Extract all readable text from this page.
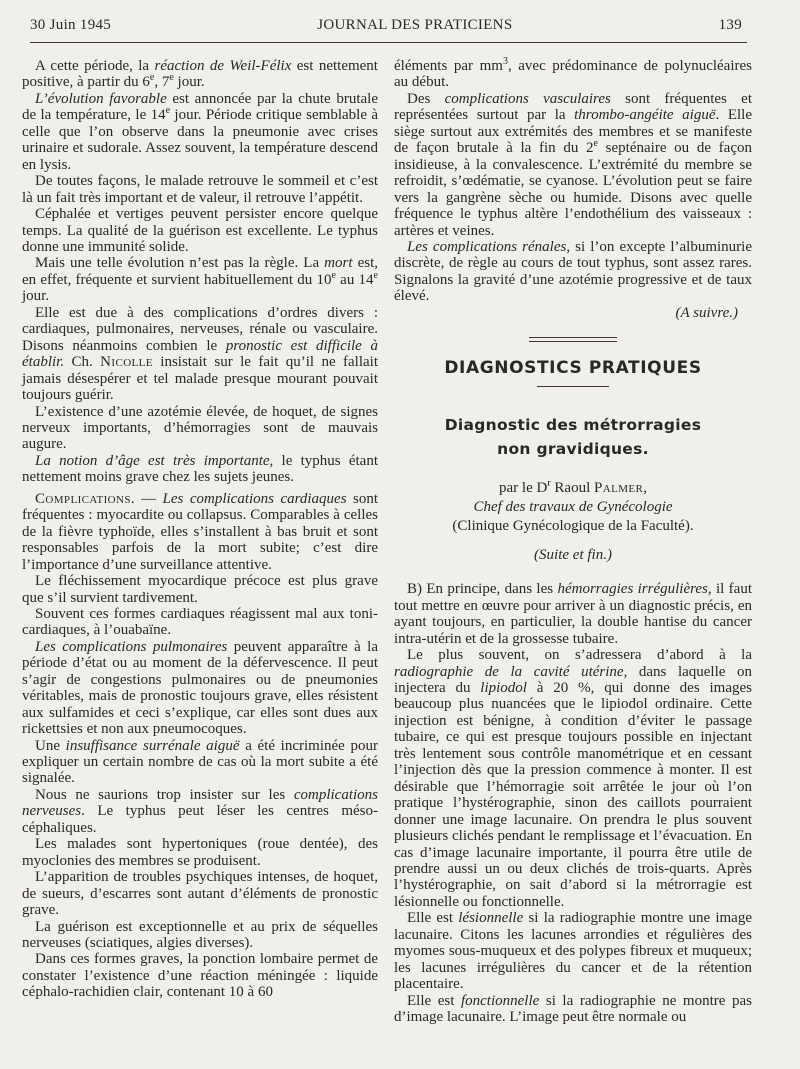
30 Juin 1945	JOURNAL DES PRATICIENS	139

A cette période, la réaction de Weil-Félix est nettement positive, à partir du 6e, 7e jour.

L’évolution favorable est annoncée par la chute brutale de la température, le 14e jour. Période critique semblable à celle que l’on observe dans la pneumonie avec crises urinaire et sudorale. Assez souvent, la température descend en lysis.

De toutes façons, le malade retrouve le sommeil et c’est là un fait très important et de valeur, il retrouve l’appétit.

Céphalée et vertiges peuvent persister encore quelque temps. La qualité de la guérison est excellente. Le typhus donne une immunité solide.

Mais une telle évolution n’est pas la règle. La mort est, en effet, fréquente et survient habituellement du 10e au 14e jour.

Elle est due à des complications d’ordres divers : cardiaques, pulmonaires, nerveuses, rénale ou vasculaire. Disons néanmoins combien le pronostic est difficile à établir. Ch. Nicolle insistait sur le fait qu’il ne fallait jamais désespérer et tel malade presque mourant pouvait toujours guérir.

L’existence d’une azotémie élevée, de hoquet, de signes nerveux importants, d’hémorragies sont de mauvais augure.

La notion d’âge est très importante, le typhus étant nettement moins grave chez les sujets jeunes.

Complications. — Les complications cardiaques sont fréquentes : myocardite ou collapsus. Comparables à celles de la fièvre typhoïde, elles s’installent à bas bruit et sont responsables parfois de la mort subite; c’est dire l’importance d’une surveillance attentive.

Le fléchissement myocardique précoce est plus grave que s’il survient tardivement.

Souvent ces formes cardiaques réagissent mal aux toni-cardiaques, à l’ouabaïne.

Les complications pulmonaires peuvent apparaître à la période d’état ou au moment de la défervescence. Il peut s’agir de congestions pulmonaires ou de pneumonies véritables, mais de pronostic toujours grave, elles résistent aux sulfamides et ceci s’explique, car elles sont dues aux rickettsies et non aux pneumocoques.

Une insuffisance surrénale aiguë a été incriminée pour expliquer un certain nombre de cas où la mort subite a été signalée.

Nous ne saurions trop insister sur les complications nerveuses. Le typhus peut léser les centres méso-céphaliques.

Les malades sont hypertoniques (roue dentée), des myoclonies des membres se produisent.

L’apparition de troubles psychiques intenses, de hoquet, de sueurs, d’escarres sont autant d’éléments de pronostic grave.

La guérison est exceptionnelle et au prix de séquelles nerveuses (sciatiques, algies diverses).

Dans ces formes graves, la ponction lombaire permet de constater l’existence d’une réaction méningée : liquide céphalo-rachidien clair, contenant 10 à 60

éléments par $mm^3$, avec prédominance de polynucléaires au début.

Des complications vasculaires sont fréquentes et représentées surtout par la thrombo-angéite aiguë. Elle siège surtout aux extrémités des membres et se manifeste de façon brutale à la fin du 2e septénaire ou de façon insidieuse, à la convalescence. L’extrémité du membre se refroidit, s’œdématie, se cyanose. L’évolution peut se faire vers la gangrène sèche ou humide. Disons avec quelle fréquence le typhus altère l’endothélium des vaisseaux : artères et veines.

Les complications rénales, si l’on excepte l’albuminurie discrète, de règle au cours de tout typhus, sont assez rares. Signalons la gravité d’une azotémie progressive et de taux élevé.

(A suivre.)

DIAGNOSTICS PRATIQUES
Diagnostic des métrorragies
non gravidiques.

par le $D^r$ Raoul Palmer,

Chef des travaux de Gynécologie

(Clinique Gynécologique de la Faculté).

(Suite et fin.)

B) En principe, dans les hémorragies irrégulières, il faut tout mettre en œuvre pour arriver à un diagnostic précis, en ayant toujours, en particulier, la double hantise du cancer intra-utérin et de la grossesse tubaire.

Le plus souvent, on s’adressera d’abord à la radiographie de la cavité utérine, dans laquelle on injectera du lipiodol à 20 %, qui donne des images beaucoup plus nuancées que le lipiodol ordinaire. Cette injection est bénigne, à condition d’éviter le passage tubaire, ce qui est presque toujours possible en injectant très lentement sous contrôle manométrique et en cessant l’injection dès que la pression commence à monter. Il est désirable que l’hémorragie soit arrêtée le jour où l’on pratique l’hystérographie, sinon des caillots pourraient donner une image lacunaire. On prendra le plus souvent plusieurs clichés pendant le remplissage et l’évacuation. En cas d’image lacunaire importante, il pourra être utile de prendre aussi un ou deux clichés de trois-quarts. Après l’hystérographie, on sait d’abord si la métrorragie est lésionnelle ou fonctionnelle.

Elle est lésionnelle si la radiographie montre une image lacunaire. Citons les lacunes arrondies et régulières des myomes sous-muqueux et des polypes fibreux et muqueux; les lacunes irrégulières du cancer et de la rétention placentaire.

Elle est fonctionnelle si la radiographie ne montre pas d’image lacunaire. L’image peut être normale ou
